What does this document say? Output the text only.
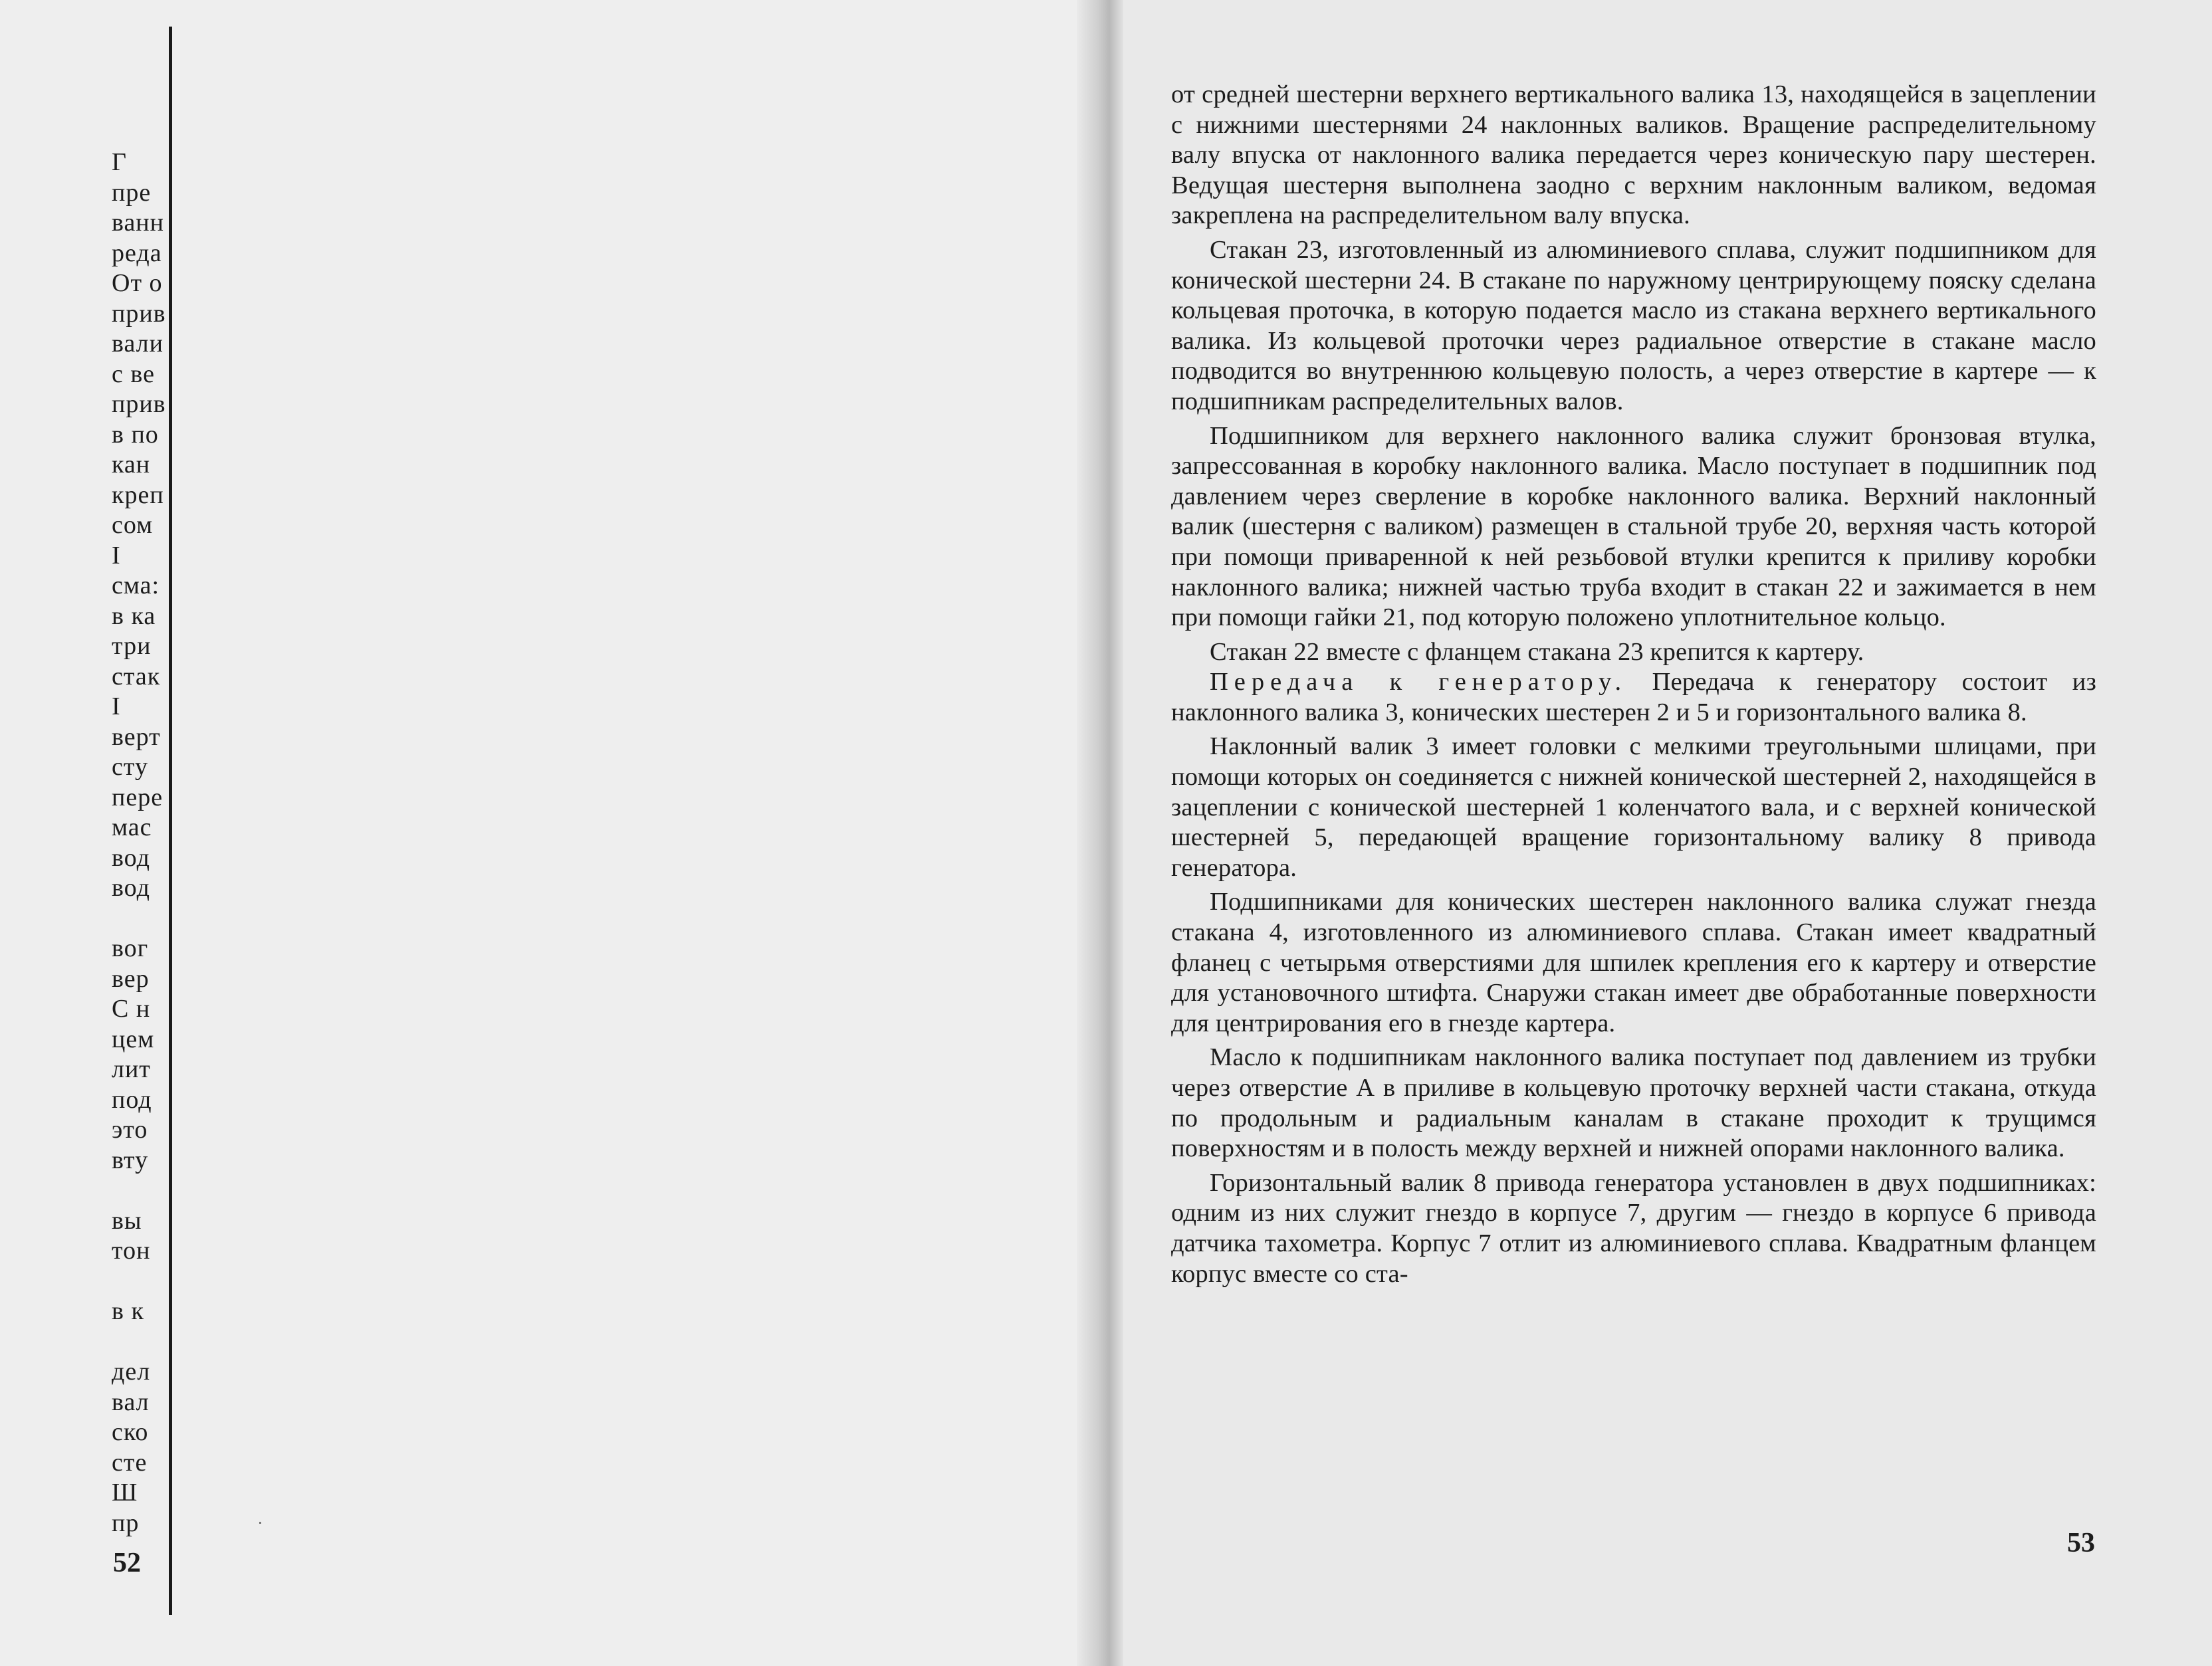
Г
пре
ванн
реда
От о
прив
вали
с ве
прив
в по
кан
креп
сом
I
сма:
в ка
три
стак
I
верт
сту
пере
мас
вод
вод
вог
вер
С н
цем
лит
под
это
вту
вы
тон
в к
дел
вал
ско
сте
Ш
пр
52

от средней шестерни верхнего вертикального валика 13, находящейся в зацеплении с нижними шестернями 24 наклонных валиков. Вращение распределительному валу впуска от наклонного валика передается через коническую пару шестерен. Ведущая шестерня выполнена заодно с верхним наклонным валиком, ведомая закреплена на распределительном валу впуска.

Стакан 23, изготовленный из алюминиевого сплава, служит подшипником для конической шестерни 24. В стакане по наружному центрирующему пояску сделана кольцевая проточка, в которую подается масло из стакана верхнего вертикального валика. Из кольцевой проточки через радиальное отверстие в стакане масло подводится во внутреннюю кольцевую полость, а через отверстие в картере — к подшипникам распределительных валов.

Подшипником для верхнего наклонного валика служит бронзовая втулка, запрессованная в коробку наклонного валика. Масло поступает в подшипник под давлением через сверление в коробке наклонного валика. Верхний наклонный валик (шестерня с валиком) размещен в стальной трубе 20, верхняя часть которой при помощи приваренной к ней резьбовой втулки крепится к приливу коробки наклонного валика; нижней частью труба входит в стакан 22 и зажимается в нем при помощи гайки 21, под которую положено уплотнительное кольцо.

Стакан 22 вместе с фланцем стакана 23 крепится к картеру.

Передача к генератору. Передача к генератору состоит из наклонного валика 3, конических шестерен 2 и 5 и горизонтального валика 8.

Наклонный валик 3 имеет головки с мелкими треугольными шлицами, при помощи которых он соединяется с нижней конической шестерней 2, находящейся в зацеплении с конической шестерней 1 коленчатого вала, и с верхней конической шестерней 5, передающей вращение горизонтальному валику 8 привода генератора.

Подшипниками для конических шестерен наклонного валика служат гнезда стакана 4, изготовленного из алюминиевого сплава. Стакан имеет квадратный фланец с четырьмя отверстиями для шпилек крепления его к картеру и отверстие для установочного штифта. Снаружи стакан имеет две обработанные поверхности для центрирования его в гнезде картера.

Масло к подшипникам наклонного валика поступает под давлением из трубки через отверстие А в приливе в кольцевую проточку верхней части стакана, откуда по продольным и радиальным каналам в стакане проходит к трущимся поверхностям и в полость между верхней и нижней опорами наклонного валика.

Горизонтальный валик 8 привода генератора установлен в двух подшипниках: одним из них служит гнездо в корпусе 7, другим — гнездо в корпусе 6 привода датчика тахометра. Корпус 7 отлит из алюминиевого сплава. Квадратным фланцем корпус вместе со ста-

53
